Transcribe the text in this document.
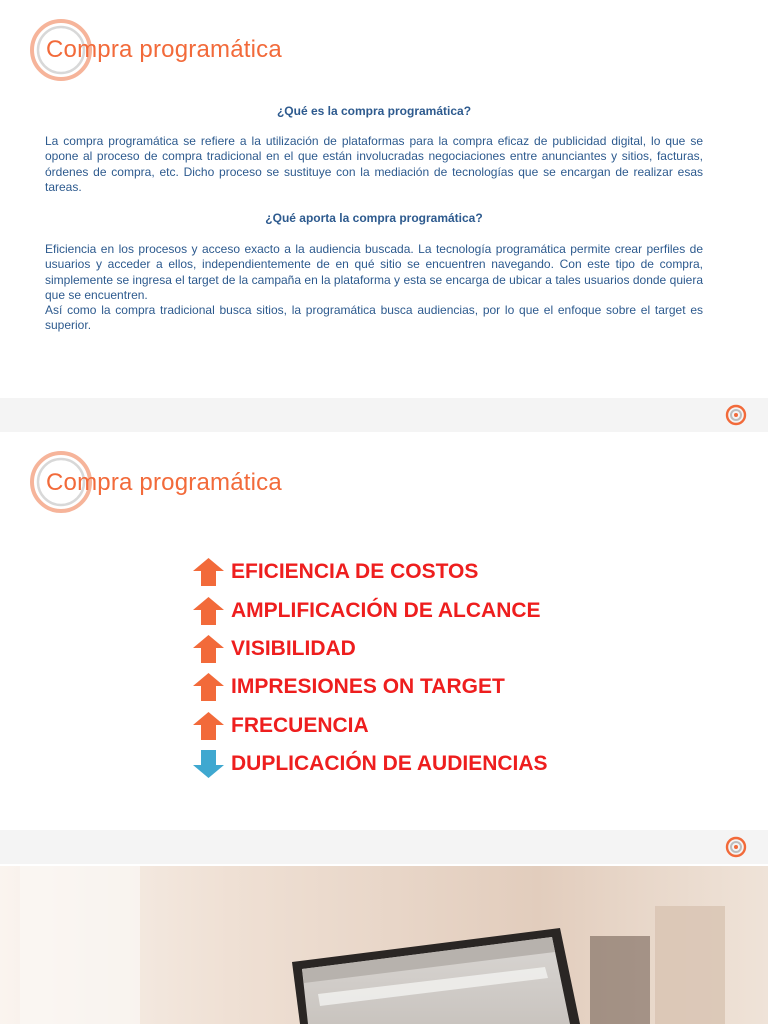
Compra programática

¿Qué es la compra programática?

La compra programática se refiere a la utilización de plataformas para la compra eficaz de publicidad digital, lo que se opone al proceso de compra tradicional en el que están involucradas negociaciones entre anunciantes y sitios, facturas, órdenes de compra, etc. Dicho proceso se sustituye con la mediación de tecnologías que se encargan de realizar esas tareas.

¿Qué aporta la compra programática?

Eficiencia en los procesos y acceso exacto a la audiencia buscada. La tecnología programática permite crear perfiles de usuarios y acceder a ellos, independientemente de en qué sitio se encuentren navegando. Con este tipo de compra, simplemente se ingresa el target de la campaña en la plataforma y esta se encarga de ubicar a tales usuarios donde quiera que se encuentren.

Así como la compra tradicional busca sitios, la programática busca audiencias, por lo que el enfoque sobre el target es superior.

Compra programática
EFICIENCIA DE COSTOS
AMPLIFICACIÓN DE ALCANCE
VISIBILIDAD
IMPRESIONES ON TARGET
FRECUENCIA
DUPLICACIÓN DE AUDIENCIAS
